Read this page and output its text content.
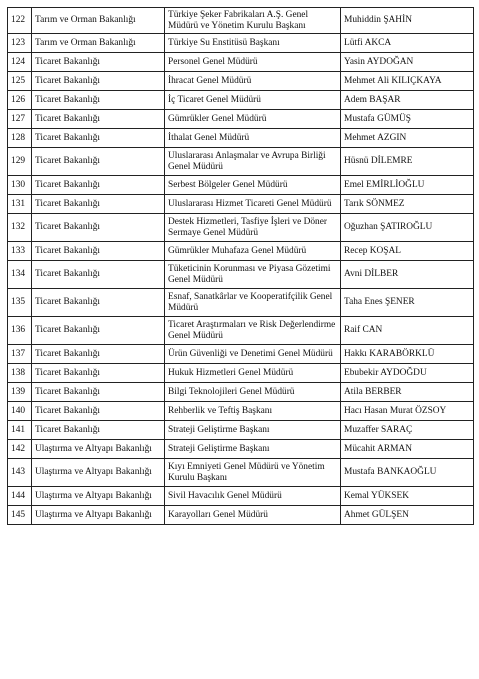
122	Tarım ve Orman Bakanlığı	Türkiye Şeker Fabrikaları A.Ş. Genel Müdürü ve Yönetim Kurulu Başkanı	Muhiddin ŞAHİN
123	Tarım ve Orman Bakanlığı	Türkiye Su Enstitüsü Başkanı	Lütfi AKCA
124	Ticaret Bakanlığı	Personel Genel Müdürü	Yasin AYDOĞAN
125	Ticaret Bakanlığı	İhracat Genel Müdürü	Mehmet Ali KILIÇKAYA
126	Ticaret Bakanlığı	İç Ticaret Genel Müdürü	Adem BAŞAR
127	Ticaret Bakanlığı	Gümrükler Genel Müdürü	Mustafa GÜMÜŞ
128	Ticaret Bakanlığı	İthalat Genel Müdürü	Mehmet AZGIN
129	Ticaret Bakanlığı	Uluslararası Anlaşmalar ve Avrupa Birliği Genel Müdürü	Hüsnü DİLEMRE
130	Ticaret Bakanlığı	Serbest Bölgeler Genel Müdürü	Emel EMİRLİOĞLU
131	Ticaret Bakanlığı	Uluslararası Hizmet Ticareti Genel Müdürü	Tarık SÖNMEZ
132	Ticaret Bakanlığı	Destek Hizmetleri, Tasfiye İşleri ve Döner Sermaye Genel Müdürü	Oğuzhan ŞATIROĞLU
133	Ticaret Bakanlığı	Gümrükler Muhafaza Genel Müdürü	Recep KOŞAL
134	Ticaret Bakanlığı	Tüketicinin Korunması ve Piyasa Gözetimi Genel Müdürü	Avni DİLBER
135	Ticaret Bakanlığı	Esnaf, Sanatkârlar ve Kooperatifçilik Genel Müdürü	Taha Enes ŞENER
136	Ticaret Bakanlığı	Ticaret Araştırmaları ve Risk Değerlendirme Genel Müdürü	Raif CAN
137	Ticaret Bakanlığı	Ürün Güvenliği ve Denetimi Genel Müdürü	Hakkı KARABÖRKLÜ
138	Ticaret Bakanlığı	Hukuk Hizmetleri Genel Müdürü	Ebubekir AYDOĞDU
139	Ticaret Bakanlığı	Bilgi Teknolojileri Genel Müdürü	Atila BERBER
140	Ticaret Bakanlığı	Rehberlik ve Teftiş Başkanı	Hacı Hasan Murat ÖZSOY
141	Ticaret Bakanlığı	Strateji Geliştirme Başkanı	Muzaffer SARAÇ
142	Ulaştırma ve Altyapı Bakanlığı	Strateji Geliştirme Başkanı	Mücahit ARMAN
143	Ulaştırma ve Altyapı Bakanlığı	Kıyı Emniyeti Genel Müdürü ve Yönetim Kurulu Başkanı	Mustafa BANKAOĞLU
144	Ulaştırma ve Altyapı Bakanlığı	Sivil Havacılık Genel Müdürü	Kemal YÜKSEK
145	Ulaştırma ve Altyapı Bakanlığı	Karayolları Genel Müdürü	Ahmet GÜLŞEN
